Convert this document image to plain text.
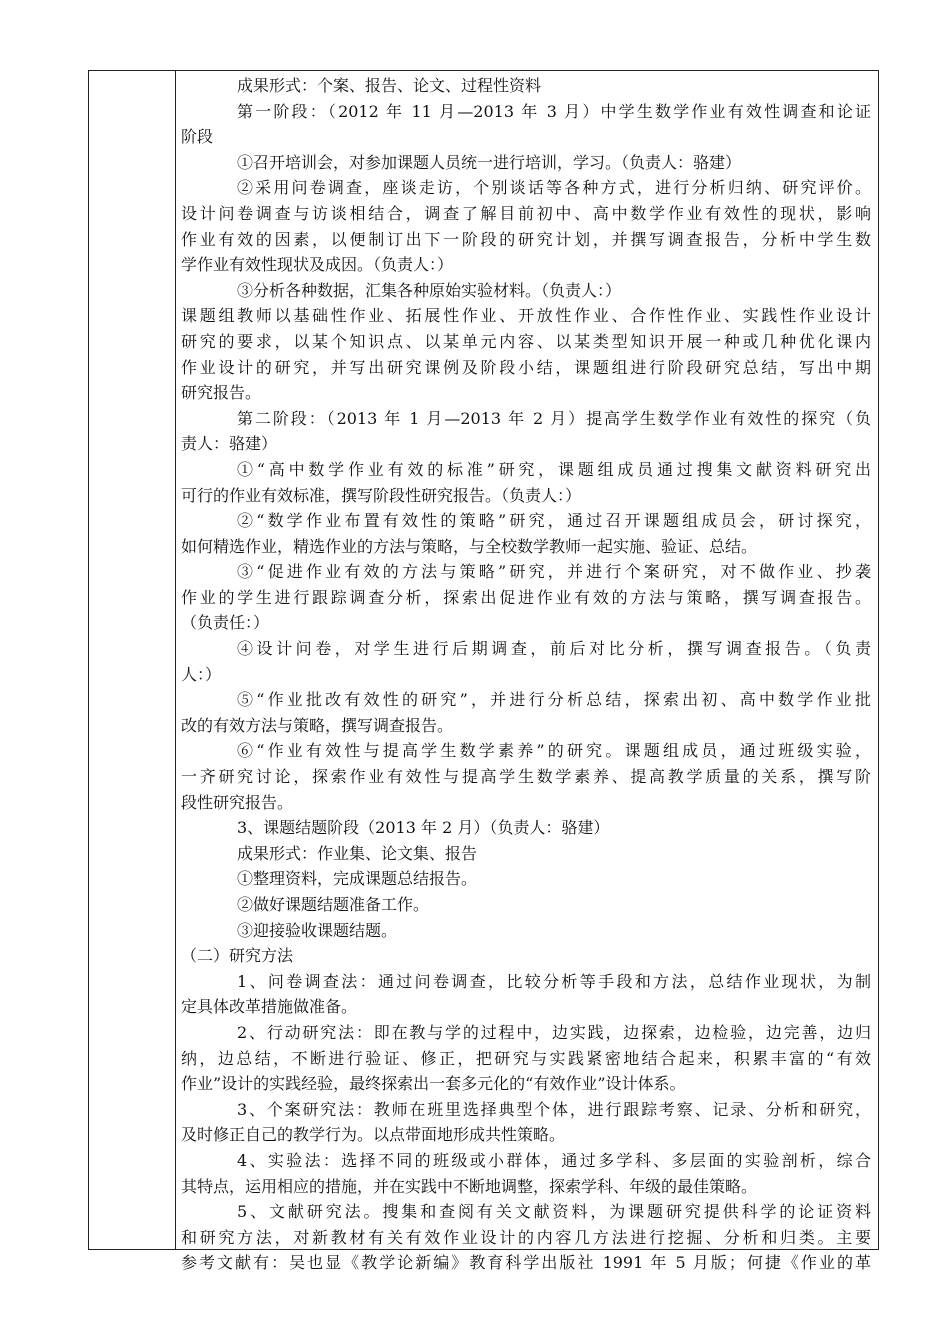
成果形式：个案、报告、论文、过程性资料
第一阶段：（2012 年 11 月—2013 年 3 月）中学生数学作业有效性调查和论证
阶段
①召开培训会，对参加课题人员统一进行培训，学习。（负责人：骆建）
②采用问卷调查，座谈走访，个别谈话等各种方式，进行分析归纳、研究评价。
设计问卷调查与访谈相结合，调查了解目前初中、高中数学作业有效性的现状，影响
作业有效的因素，以便制订出下一阶段的研究计划，并撰写调查报告，分析中学生数
学作业有效性现状及成因。（负责人：）
③分析各种数据，汇集各种原始实验材料。（负责人：）
课题组教师以基础性作业、拓展性作业、开放性作业、合作性作业、实践性作业设计
研究的要求，以某个知识点、以某单元内容、以某类型知识开展一种或几种优化课内
作业设计的研究，并写出研究课例及阶段小结，课题组进行阶段研究总结，写出中期
研究报告。
第二阶段：（2013 年 1 月—2013 年 2 月）提高学生数学作业有效性的探究（负
责人：骆建）
①“高中数学作业有效的标准”研究，课题组成员通过搜集文献资料研究出
可行的作业有效标准，撰写阶段性研究报告。（负责人：）
②“数学作业布置有效性的策略”研究，通过召开课题组成员会，研讨探究，
如何精选作业，精选作业的方法与策略，与全校数学教师一起实施、验证、总结。
③“促进作业有效的方法与策略”研究，并进行个案研究，对不做作业、抄袭
作业的学生进行跟踪调查分析，探索出促进作业有效的方法与策略，撰写调查报告。
（负责任：）
④设计问卷，对学生进行后期调查，前后对比分析，撰写调查报告。（负责
人：）
⑤“作业批改有效性的研究”，并进行分析总结，探索出初、高中数学作业批
改的有效方法与策略，撰写调查报告。
⑥“作业有效性与提高学生数学素养”的研究。课题组成员，通过班级实验，
一齐研究讨论，探索作业有效性与提高学生数学素养、提高教学质量的关系，撰写阶
段性研究报告。
3、课题结题阶段（2013 年 2 月）（负责人：骆建）
成果形式：作业集、论文集、报告
①整理资料，完成课题总结报告。
②做好课题结题准备工作。
③迎接验收课题结题。
（二）研究方法
1、问卷调查法：通过问卷调查，比较分析等手段和方法，总结作业现状，为制
定具体改革措施做准备。
2、行动研究法：即在教与学的过程中，边实践，边探索，边检验，边完善，边归
纳，边总结，不断进行验证、修正，把研究与实践紧密地结合起来，积累丰富的“有效
作业”设计的实践经验，最终探索出一套多元化的“有效作业”设计体系。
3、个案研究法：教师在班里选择典型个体，进行跟踪考察、记录、分析和研究，
及时修正自己的教学行为。以点带面地形成共性策略。
4、实验法：选择不同的班级或小群体，通过多学科、多层面的实验剖析，综合
其特点，运用相应的措施，并在实践中不断地调整，探索学科、年级的最佳策略。
5、文献研究法。搜集和查阅有关文献资料，为课题研究提供科学的论证资料
和研究方法，对新教材有关有效作业设计的内容几方法进行挖掘、分析和归类。主要
参考文献有：吴也显《教学论新编》教育科学出版社 1991 年 5 月版；何捷《作业的革
